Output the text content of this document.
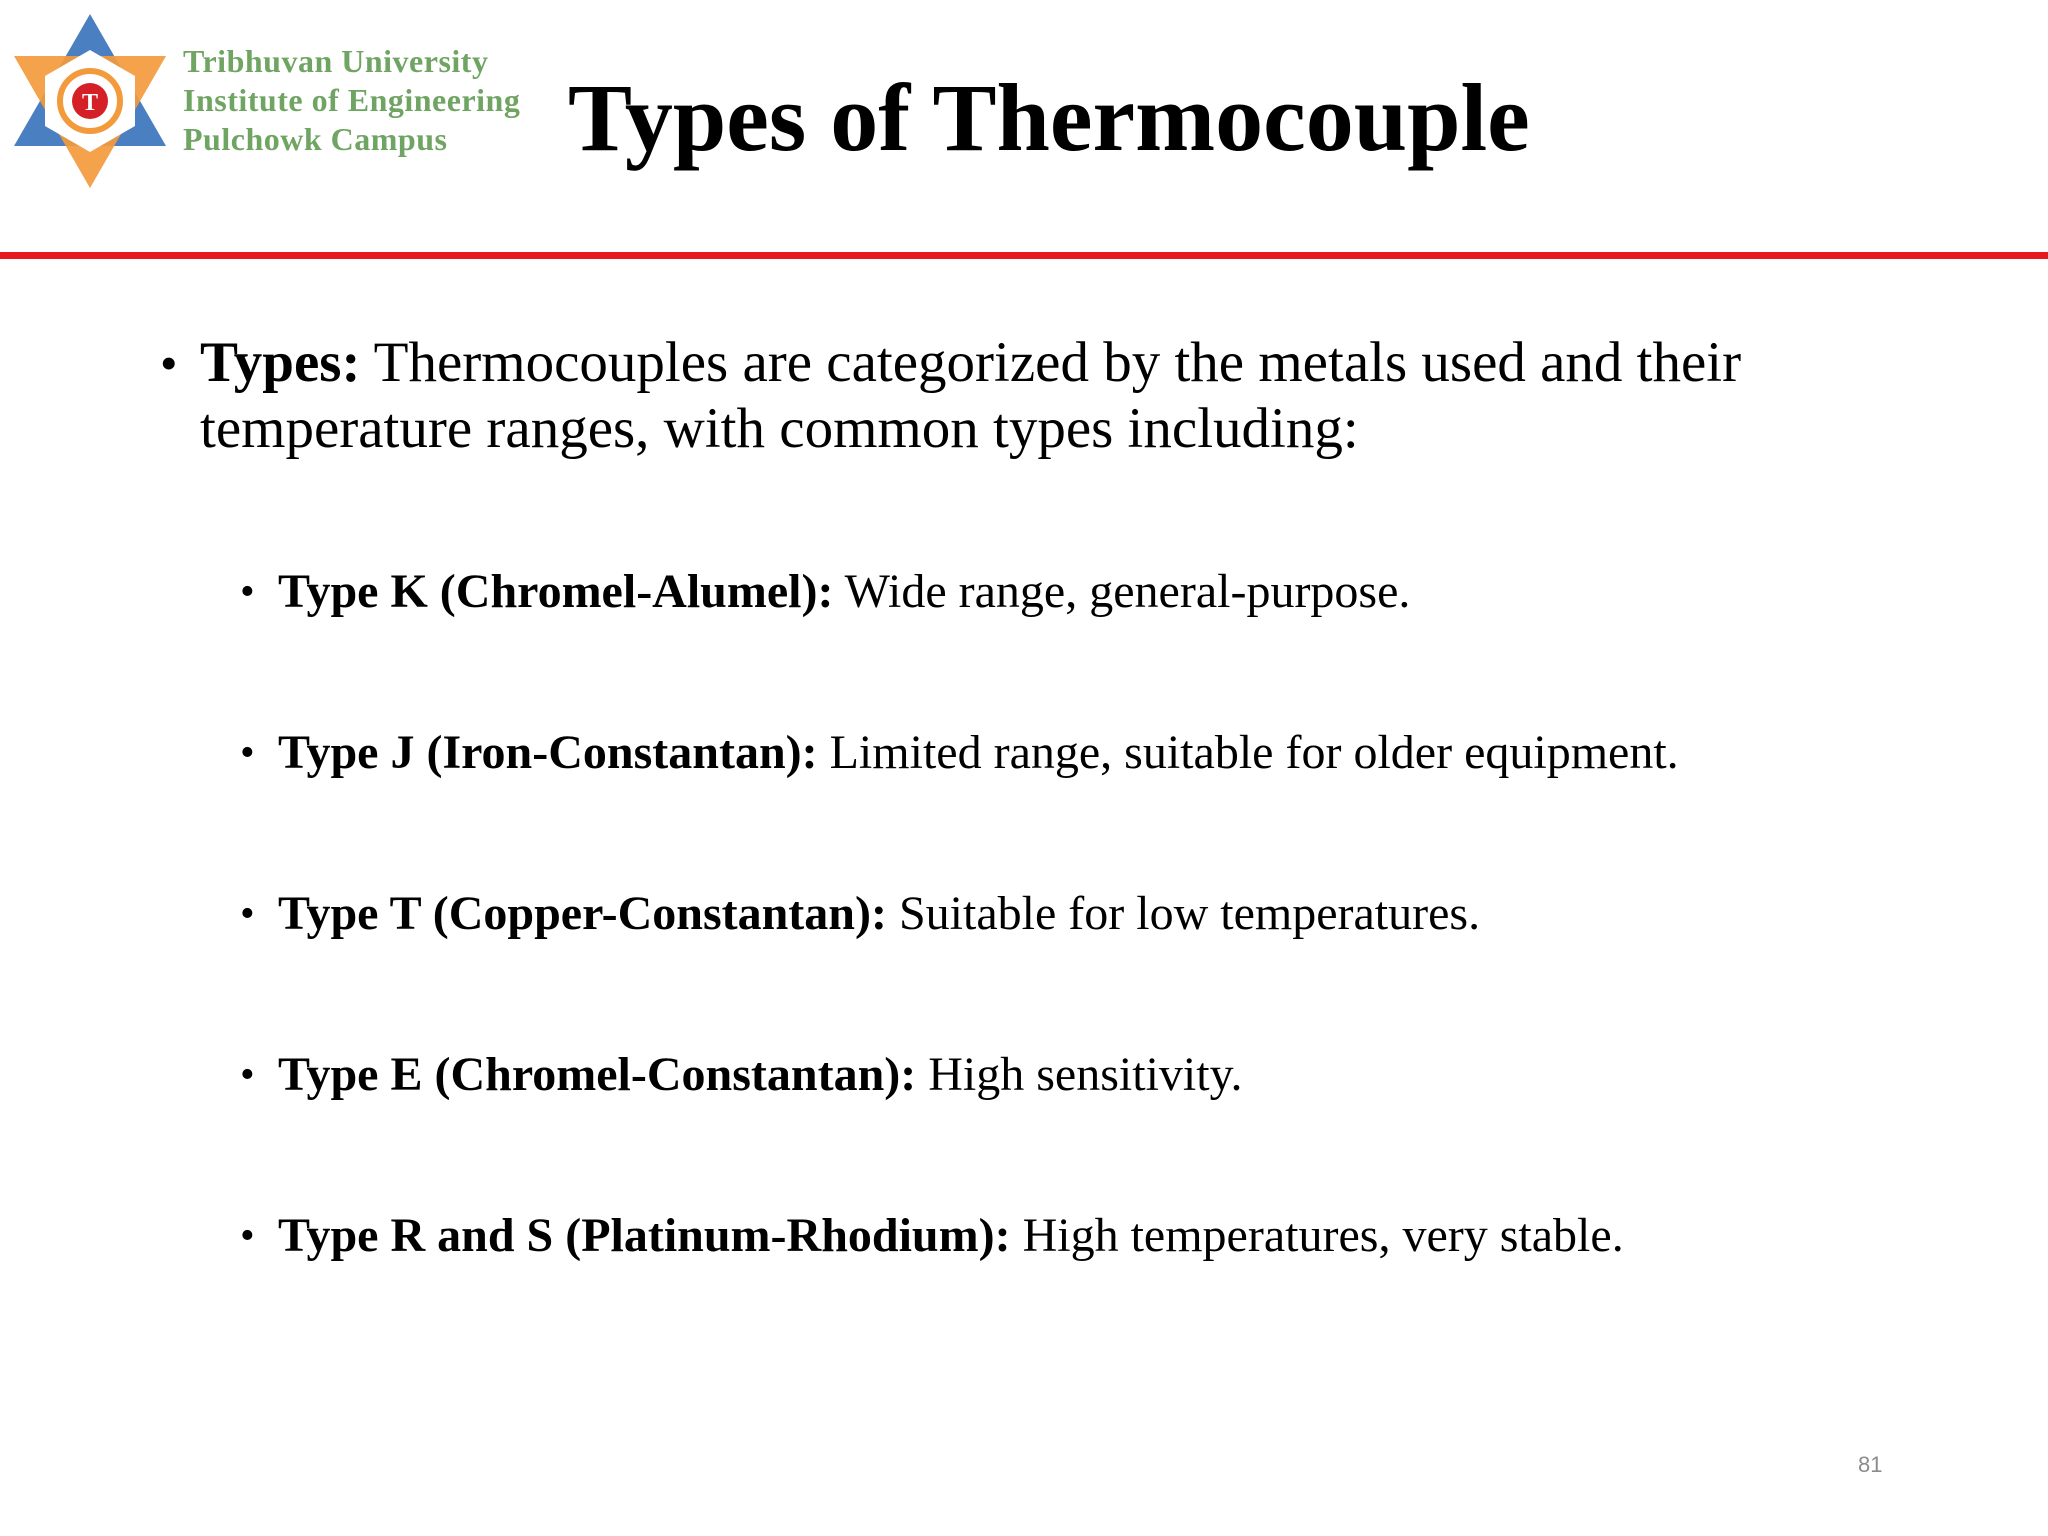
T
Tribhuvan University
Institute of Engineering
Pulchowk Campus	Types of Thermocouple
• Types: Thermocouples are categorized by the metals used and their temperature ranges, with common types including:
• Type K (Chromel-Alumel): Wide range, general-purpose.
• Type J (Iron-Constantan): Limited range, suitable for older equipment.
• Type T (Copper-Constantan): Suitable for low temperatures.
• Type E (Chromel-Constantan): High sensitivity.
• Type R and S (Platinum-Rhodium): High temperatures, very stable.
81
